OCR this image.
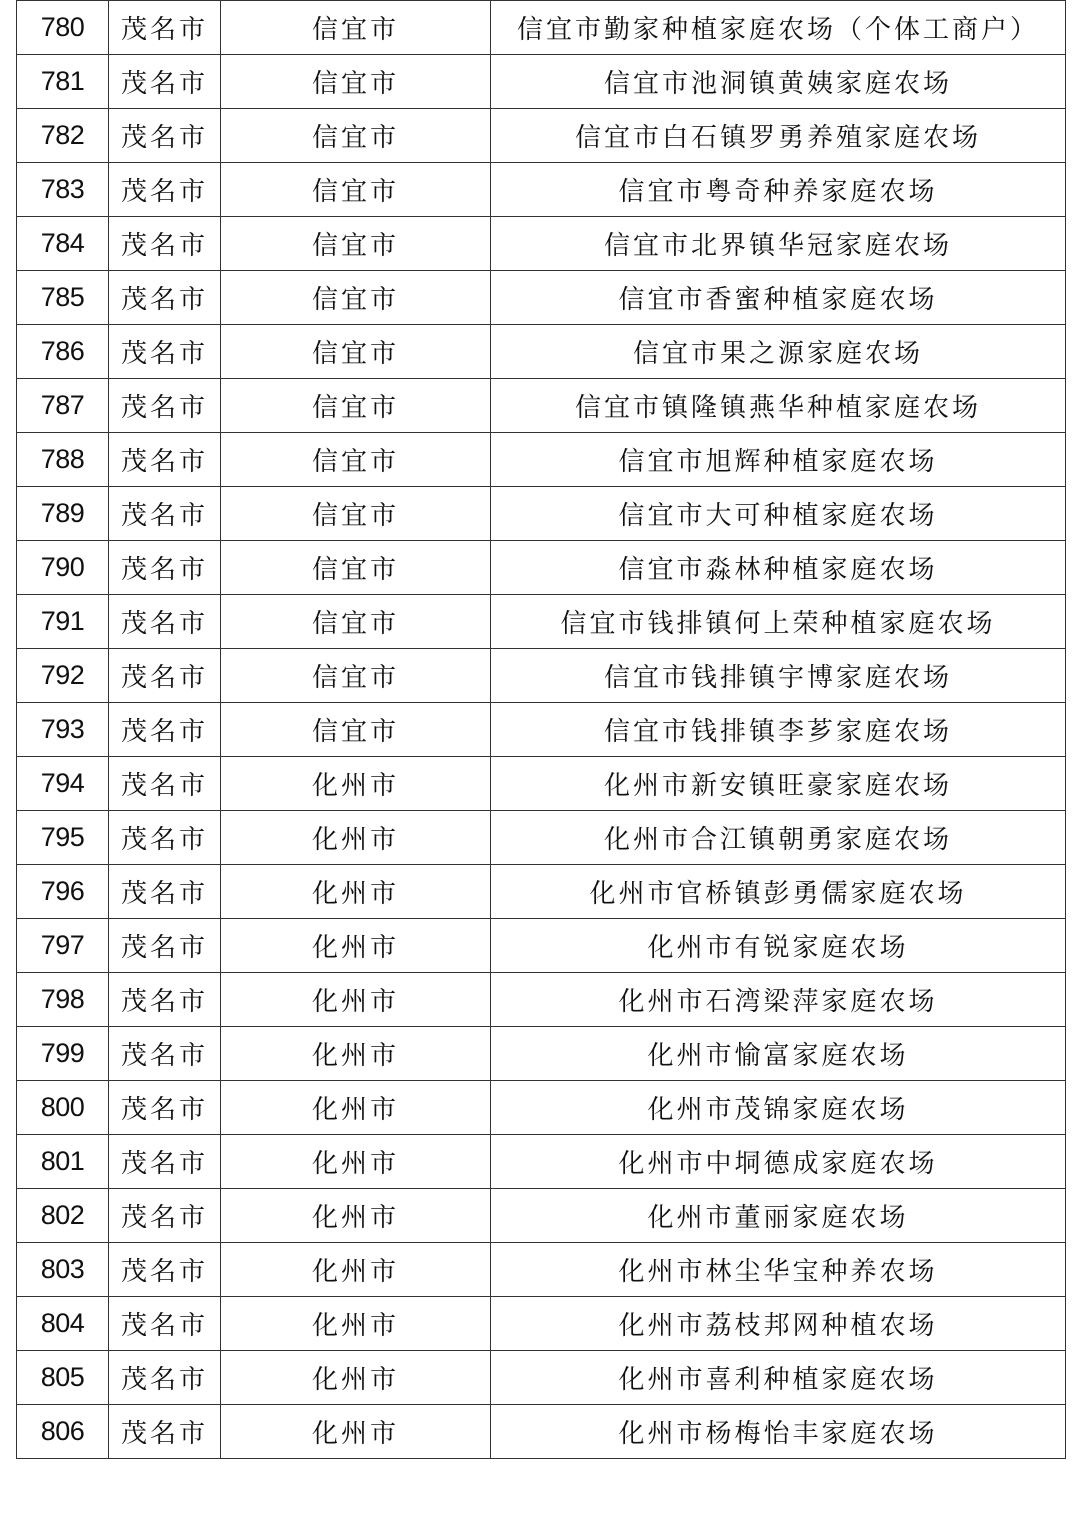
780	茂名市	信宜市	信宜市勤家种植家庭农场（个体工商户）
781	茂名市	信宜市	信宜市池洞镇黄姨家庭农场
782	茂名市	信宜市	信宜市白石镇罗勇养殖家庭农场
783	茂名市	信宜市	信宜市粤奇种养家庭农场
784	茂名市	信宜市	信宜市北界镇华冠家庭农场
785	茂名市	信宜市	信宜市香蜜种植家庭农场
786	茂名市	信宜市	信宜市果之源家庭农场
787	茂名市	信宜市	信宜市镇隆镇燕华种植家庭农场
788	茂名市	信宜市	信宜市旭辉种植家庭农场
789	茂名市	信宜市	信宜市大可种植家庭农场
790	茂名市	信宜市	信宜市淼林种植家庭农场
791	茂名市	信宜市	信宜市钱排镇何上荣种植家庭农场
792	茂名市	信宜市	信宜市钱排镇宇博家庭农场
793	茂名市	信宜市	信宜市钱排镇李芗家庭农场
794	茂名市	化州市	化州市新安镇旺豪家庭农场
795	茂名市	化州市	化州市合江镇朝勇家庭农场
796	茂名市	化州市	化州市官桥镇彭勇儒家庭农场
797	茂名市	化州市	化州市有锐家庭农场
798	茂名市	化州市	化州市石湾梁萍家庭农场
799	茂名市	化州市	化州市愉富家庭农场
800	茂名市	化州市	化州市茂锦家庭农场
801	茂名市	化州市	化州市中垌德成家庭农场
802	茂名市	化州市	化州市董丽家庭农场
803	茂名市	化州市	化州市林尘华宝种养农场
804	茂名市	化州市	化州市荔枝邦网种植农场
805	茂名市	化州市	化州市喜利种植家庭农场
806	茂名市	化州市	化州市杨梅怡丰家庭农场
